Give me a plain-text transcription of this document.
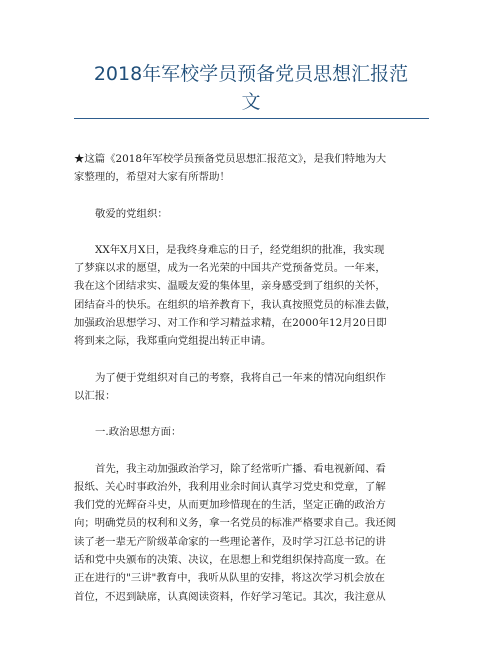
2018年军校学员预备党员思想汇报范
文

★这篇《2018年军校学员预备党员思想汇报范文》，是我们特地为大
家整理的，希望对大家有所帮助！

敬爱的党组织：

XX年X月X日，是我终身难忘的日子，经党组织的批准，我实现
了梦寐以求的愿望，成为一名光荣的中国共产党预备党员。一年来，
我在这个团结求实、温暖友爱的集体里，亲身感受到了组织的关怀，
团结奋斗的快乐。在组织的培养教育下，我认真按照党员的标准去做，
加强政治思想学习、对工作和学习精益求精，在2000年12月20日即
将到来之际，我郑重向党组提出转正申请。

为了便于党组织对自己的考察，我将自己一年来的情况向组织作
以汇报：

一.政治思想方面：

首先，我主动加强政治学习，除了经常听广播、看电视新闻、看
报纸、关心时事政治外，我利用业余时间认真学习党史和党章，了解
我们党的光辉奋斗史，从而更加珍惜现在的生活，坚定正确的政治方
向；明确党员的权利和义务，拿一名党员的标准严格要求自己。我还阅
读了老一辈无产阶级革命家的一些理论著作，及时学习江总书记的讲
话和党中央颁布的决策、决议，在思想上和党组织保持高度一致。在
正在进行的"三讲"教育中，我听从队里的安排，将这次学习机会放在
首位，不迟到缺席，认真阅读资料，作好学习笔记。其次，我注意从
